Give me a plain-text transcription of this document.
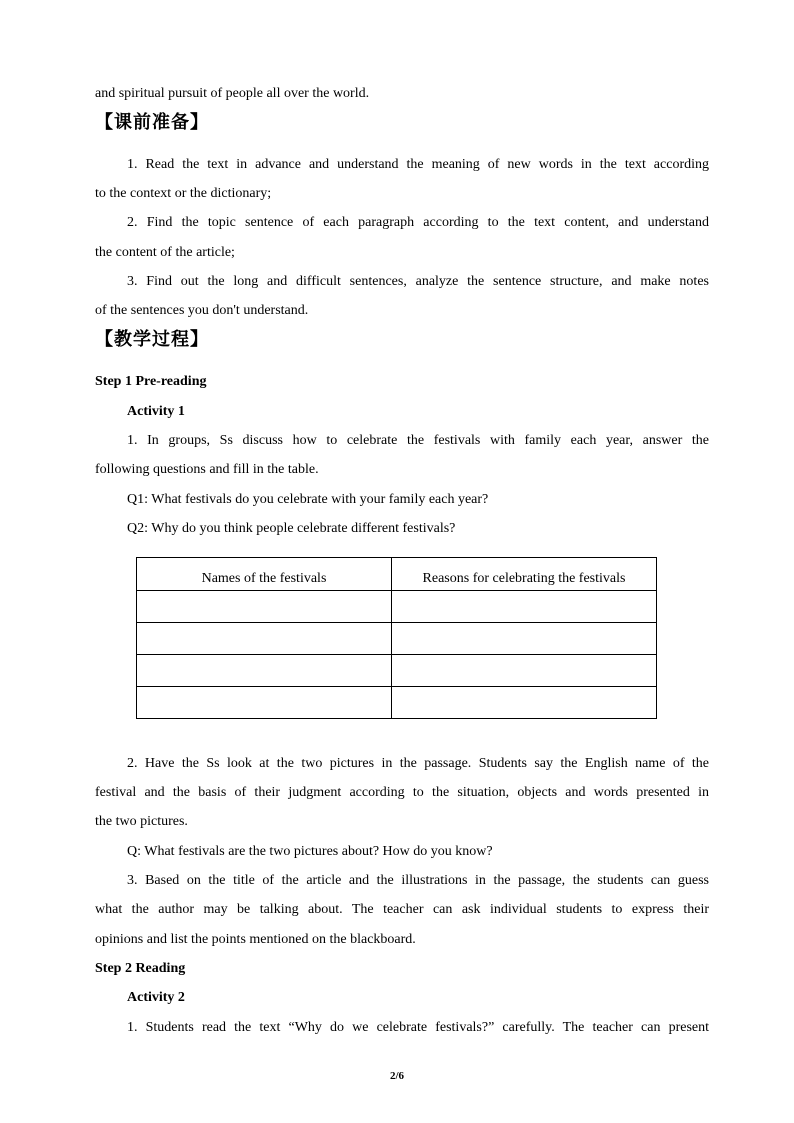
and spiritual pursuit of people all over the world.
【课前准备】
1. Read the text in advance and understand the meaning of new words in the text according
to the context or the dictionary;
2. Find the topic sentence of each paragraph according to the text content, and understand
the content of the article;
3. Find out the long and difficult sentences, analyze the sentence structure, and make notes
of the sentences you don't understand.
【教学过程】
Step 1 Pre-reading
Activity 1
1. In groups, Ss discuss how to celebrate the festivals with family each year, answer the
following questions and fill in the table.
Q1: What festivals do you celebrate with your family each year?
Q2: Why do you think people celebrate different festivals?
Names of the festivals	Reasons for celebrating the festivals

2. Have the Ss look at the two pictures in the passage. Students say the English name of the
festival and the basis of their judgment according to the situation, objects and words presented in
the two pictures.
Q: What festivals are the two pictures about? How do you know?
3. Based on the title of the article and the illustrations in the passage, the students can guess
what the author may be talking about. The teacher can ask individual students to express their
opinions and list the points mentioned on the blackboard.
Step 2 Reading
Activity 2
1. Students read the text “Why do we celebrate festivals?” carefully. The teacher can present
2/6
